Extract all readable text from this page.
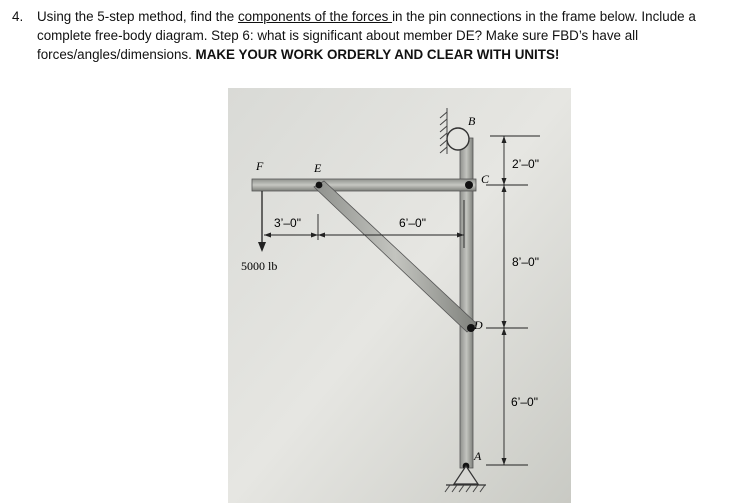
4. Using the 5-step method, find the components of the forces in the pin connections in the frame below. Include a complete free-body diagram. Step 6: what is significant about member DE? Make sure FBD’s have all forces/angles/dimensions. MAKE YOUR WORK ORDERLY AND CLEAR WITH UNITS!
B
C
D
E
F
A
3’–0"	6’–0"
2’–0"
8’–0"
6’–0"
5000 lb
